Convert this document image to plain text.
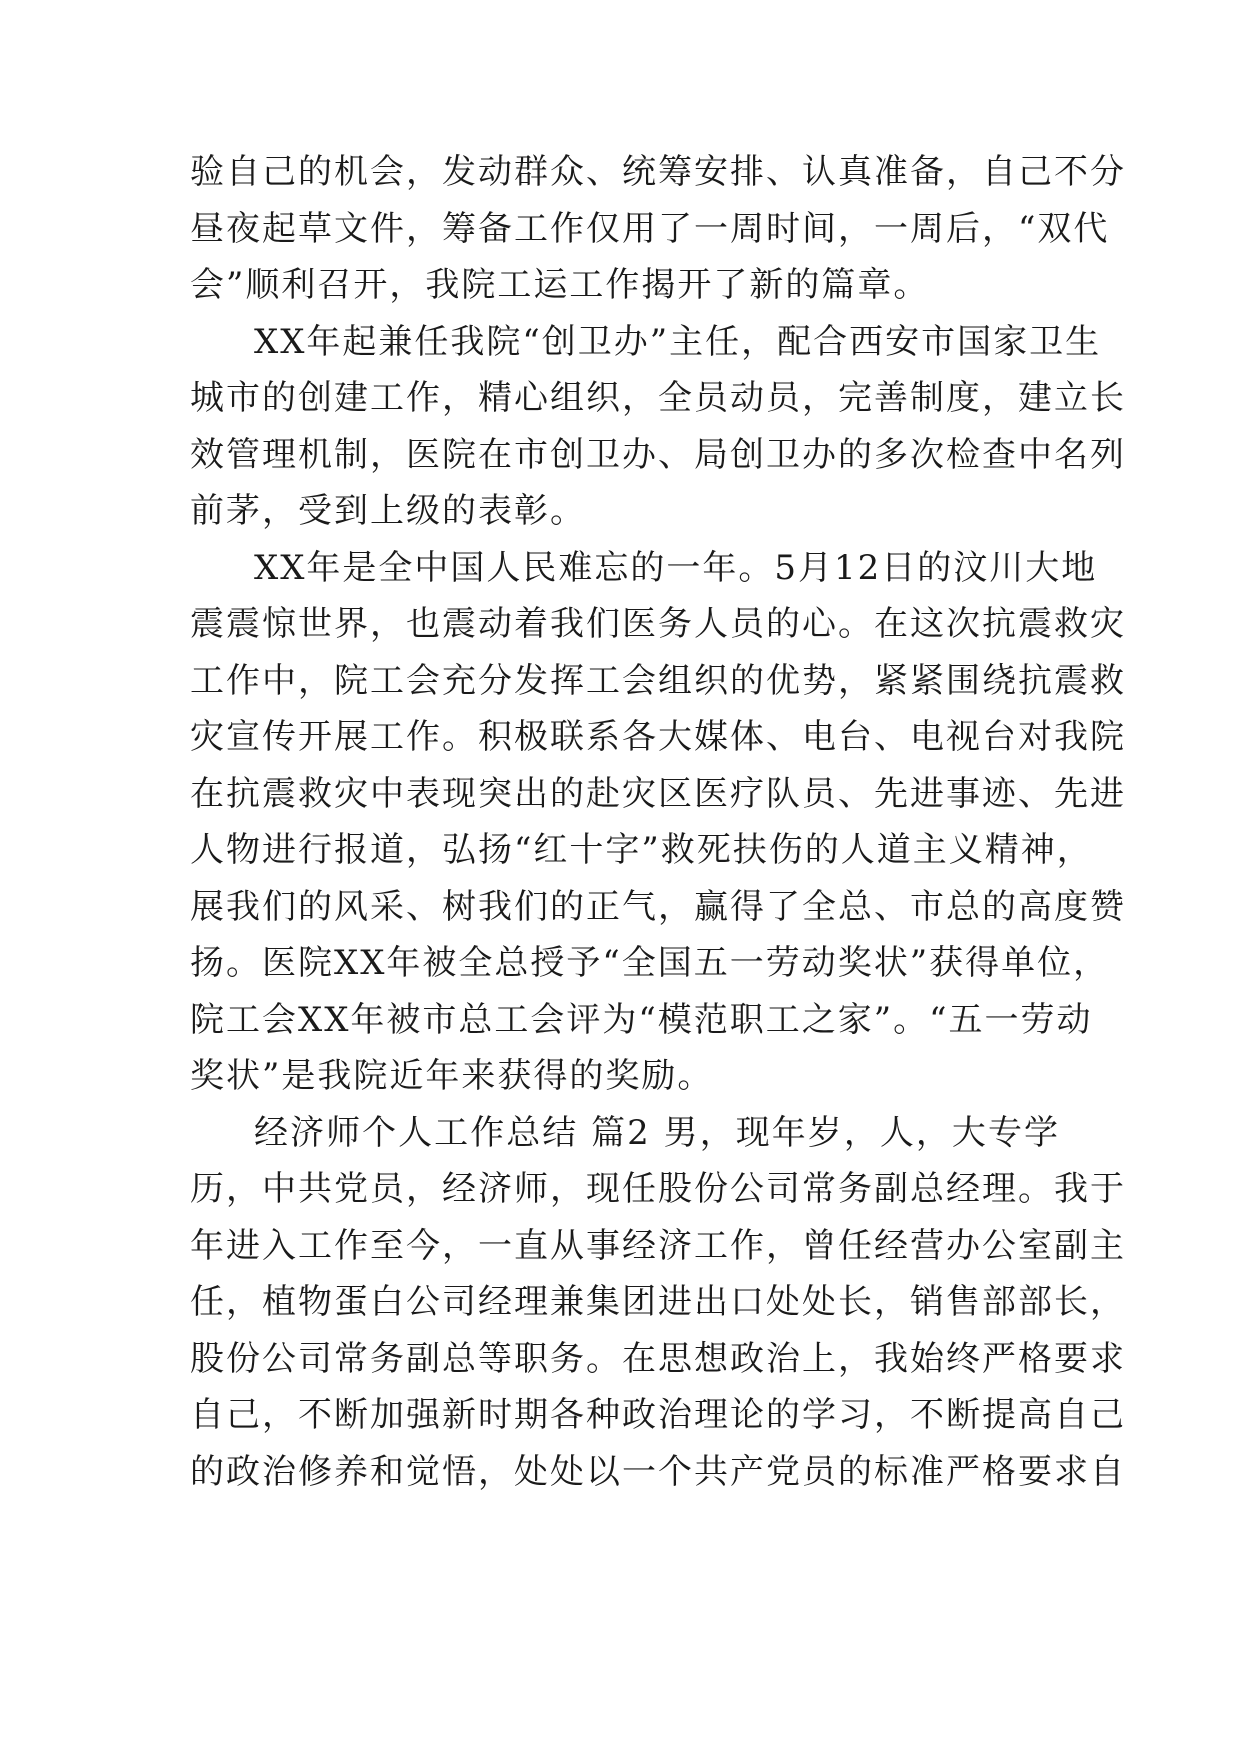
验自己的机会，发动群众、统筹安排、认真准备，自己不分
昼夜起草文件，筹备工作仅用了一周时间，一周后，“双代
会”顺利召开，我院工运工作揭开了新的篇章。
XX年起兼任我院“创卫办”主任，配合西安市国家卫生
城市的创建工作，精心组织，全员动员，完善制度，建立长
效管理机制，医院在市创卫办、局创卫办的多次检查中名列
前茅，受到上级的表彰。
XX年是全中国人民难忘的一年。5月12日的汶川大地
震震惊世界，也震动着我们医务人员的心。在这次抗震救灾
工作中，院工会充分发挥工会组织的优势，紧紧围绕抗震救
灾宣传开展工作。积极联系各大媒体、电台、电视台对我院
在抗震救灾中表现突出的赴灾区医疗队员、先进事迹、先进
人物进行报道，弘扬“红十字”救死扶伤的人道主义精神，
展我们的风采、树我们的正气，赢得了全总、市总的高度赞
扬。医院XX年被全总授予“全国五一劳动奖状”获得单位，
院工会XX年被市总工会评为“模范职工之家”。“五一劳动
奖状”是我院近年来获得的奖励。
经济师个人工作总结 篇2 男，现年岁，人，大专学
历，中共党员，经济师，现任股份公司常务副总经理。我于
年进入工作至今，一直从事经济工作，曾任经营办公室副主
任，植物蛋白公司经理兼集团进出口处处长，销售部部长，
股份公司常务副总等职务。在思想政治上，我始终严格要求
自己，不断加强新时期各种政治理论的学习，不断提高自己
的政治修养和觉悟，处处以一个共产党员的标准严格要求自
